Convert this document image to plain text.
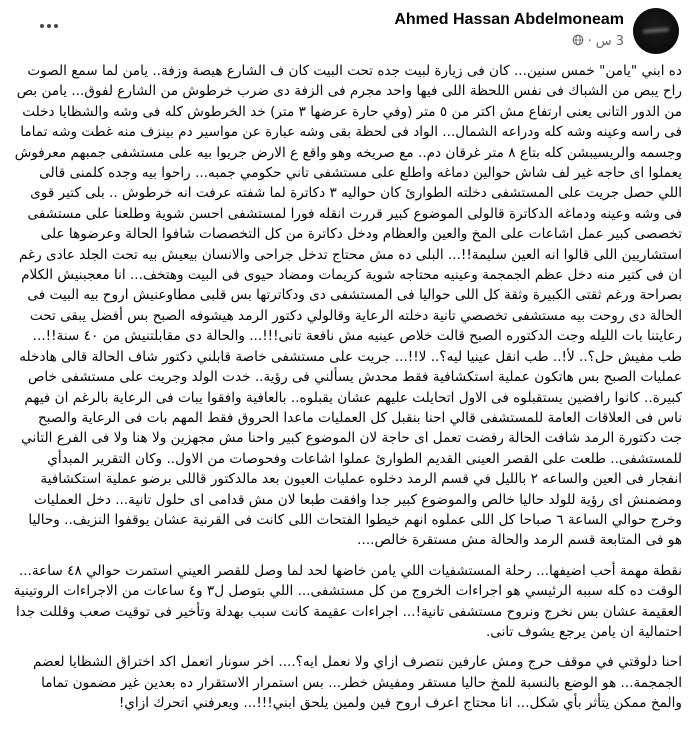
Ahmed Hassan Abdelmoneam
3 س
·

ده ابني "يامن" خمس سنين... كان فى زيارة لبيت جده تحت البيت كان ف الشارع هيصة وزفة.. يامن لما سمع الصوت راح يبص من الشباك فى نفس اللحظة اللى فيها واحد مجرم فى الزفة دى ضرب خرطوش من الشارع لفوق... يامن بص من الدور التانى يعنى ارتفاع مش اكتر من ٥ متر (وفي حارة عرضها ٣ متر) خد الخرطوش كله فى وشه والشظايا دخلت فى راسه وعينه وشه كله ودراعه الشمال... الواد فى لحظة بقى وشه عبارة عن مواسير دم بينزف منه غطت وشه تماما وجسمه والريسيبشن كله بتاع ٨ متر غرقان دم.. مع صريخه وهو واقع ع الارض جريوا بيه على مستشفى جمبهم معرفوش يعملوا اى حاجه غير لف شاش حوالين دماغه واطلع على مستشفى تاني حكومي جمبه... راحوا بيه وجده كلمنى قالى اللي حصل جريت على المستشفى دخلته الطوارئ كان حواليه ٣ دكاترة لما شفته عرفت انه خرطوش .. بلى كتير قوى فى وشه وعينه ودماغه الدكاترة قالولى الموضوع كبير قررت انقله فورا لمستشفى احسن شوية وطلعنا على مستشفى تخصصى كبير عمل اشاعات على المخ والعين والعظام ودخل دكاترة من كل التخصصات شافوا الحالة وعرضوها على استشاريين اللى قالوا انه العين سليمة!!... البلى ده مش محتاج تدخل جراحى والانسان بيعيش بيه تحت الجلد عادى رغم ان فى كتير منه دخل عظم الجمجمة وعينيه محتاجه شوية كريمات ومضاد حيوى فى البيت وهتخف... انا معجبنيش الكلام بصراحة ورغم ثقتى الكبيرة وثقة كل اللى حواليا فى المستشفى دى ودكاترتها بس قلبى مطاوعنيش اروح بيه البيت فى الحالة دى روحت بيه مستشفى تخصصي تانية دخلته الرعاية وقالولي دكتور الرمد هيشوفه الصبح بس أفضل يبقى تحت رعايتنا بات الليله وجت الدكتوره الصبح قالت خلاص عينيه مش نافعة تانى!!!... والحالة دى مقابلتنيش من ٤٠ سنة!!... طب مفيش حل؟.. لأ!.. طب انقل عينيا ليه؟.. لا!!... جريت على مستشفى خاصة قابلني دكتور شاف الحالة قالى هادخله عمليات الصبح بس هاتكون عملية استكشافية فقط محدش يسألني فى رؤية.. خدت الولد وجريت على مستشفى خاص كبيرة.. كانوا رافضين يستقبلوه فى الاول اتحايلت عليهم عشان يقبلوه.. بالعافية وافقوا يبات فى الرعاية بالرغم ان فيهم ناس فى العلاقات العامة للمستشفى قالي احنا بنقبل كل العمليات ماعدا الحروق فقط المهم بات فى الرعاية والصبح جت دكتورة الرمد شافت الحالة رفضت تعمل اى حاجة لان الموضوع كبير واحنا مش مجهزين ولا هنا ولا فى الفرع التاني للمستشفى.. طلعت على القصر العينى القديم الطوارئ عملوا اشاعات وفحوصات من الاول.. وكان التقرير المبدأي انفجار فى العين والساعه ٢ بالليل في قسم الرمد دخلوه عمليات العيون بعد مالدكتور قاللى برضو عملية استكشافية ومضمنش اى رؤية للولد حاليا خالص والموضوع كبير جدا وافقت طبعا لان مش قدامى اى حلول تانية... دخل العمليات وخرج حوالي الساعة ٦ صباحا كل اللى عملوه انهم خيطوا الفتحات اللى كانت فى القرنية عشان يوقفوا النزيف.. وحاليا هو فى المتابعة قسم الرمد والحالة مش مستقرة خالص....

نقطة مهمة أحب اضيفها... رحلة المستشفيات اللي يامن خاضها لحد لما وصل للقصر العيني استمرت حوالي ٤٨ ساعة... الوقت ده كله سببه الرئيسي هو اجراءات الخروج من كل مستشفى... اللي بتوصل ل٣ و٤ ساعات من الاجراءات الروتينية العقيمة عشان بس نخرج ونروح مستشفى تانية!... اجراءات عقيمة كانت سبب بهدلة وتأخير فى توقيت صعب وقللت جدا احتمالية ان يامن يرجع يشوف تانى.

احنا دلوقتي في موقف حرج ومش عارفين نتصرف ازاي ولا نعمل ايه؟.... اخر سونار اتعمل اكد اختراق الشظايا لعضم الجمجمة... هو الوضع بالنسبة للمخ حاليا مستقر ومفيش خطر... بس استمرار الاستقرار ده بعدين غير مضمون تماما والمخ ممكن يتأثر بأي شكل... انا محتاج اعرف اروح فين ولمين يلحق ابني!!!... ويعرفني اتحرك ازاي!
